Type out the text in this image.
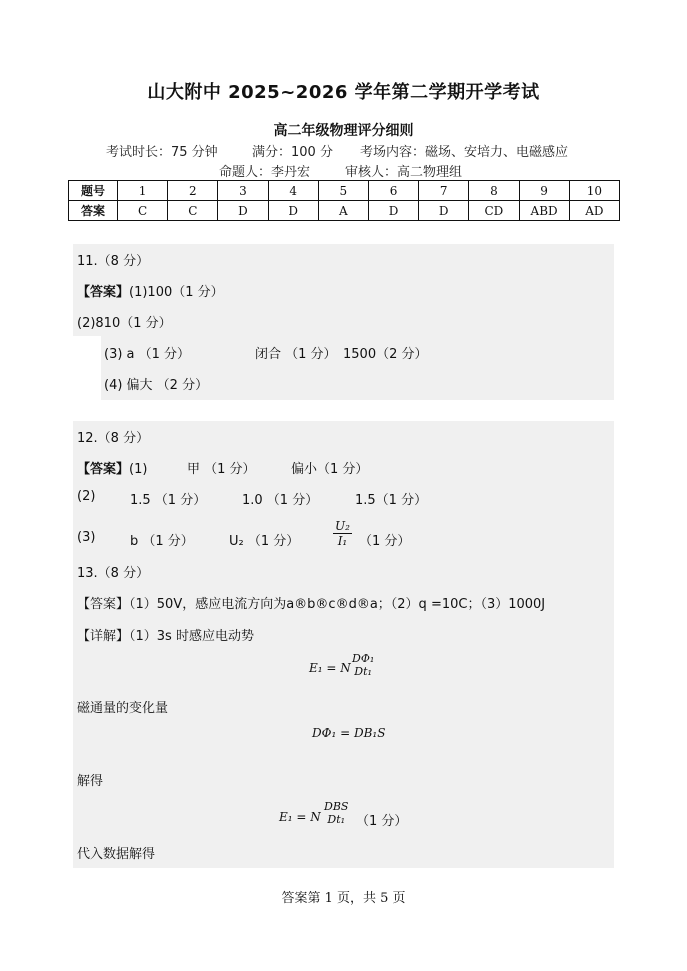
山大附中 2025~2026 学年第二学期开学考试
高二年级物理评分细则
考试时长：75 分钟	满分：100 分 考场内容：磁场、安培力、电磁感应
命题人：李丹宏	审核人：高二物理组
题号	1	2	3	4	5	6	7	8	9	10
答案	C	C	D	D	A	D	D	CD	ABD	AD
11.（8 分）
【答案】(1)100（1 分）
(2)810（1 分）
(3) a （1 分）	闭合 （1 分） 1500（2 分）
(4) 偏大 （2 分）
12.（8 分）
【答案】(1)	甲 （1 分）	偏小（1 分）
(2)	1.5 （1 分）	1.0 （1 分）	1.5（1 分）
(3)	b （1 分）	U₂ （1 分）	$\frac{\text{U₂}}{\text{I₁}} (1$ 分）
13.（8 分）
【答案】（1）50V，感应电流方向为a®b®c®d®a；（2）q =10C；（3）1000J
【详解】（1）3s 时感应电动势
E₁ = N
DΦ₁
Dt₁
磁通量的变化量
DΦ₁ = DB₁S
解得
E₁ = N
DBS
Dt₁ （1 分）
代入数据解得
答案第 1 页，共 5 页
